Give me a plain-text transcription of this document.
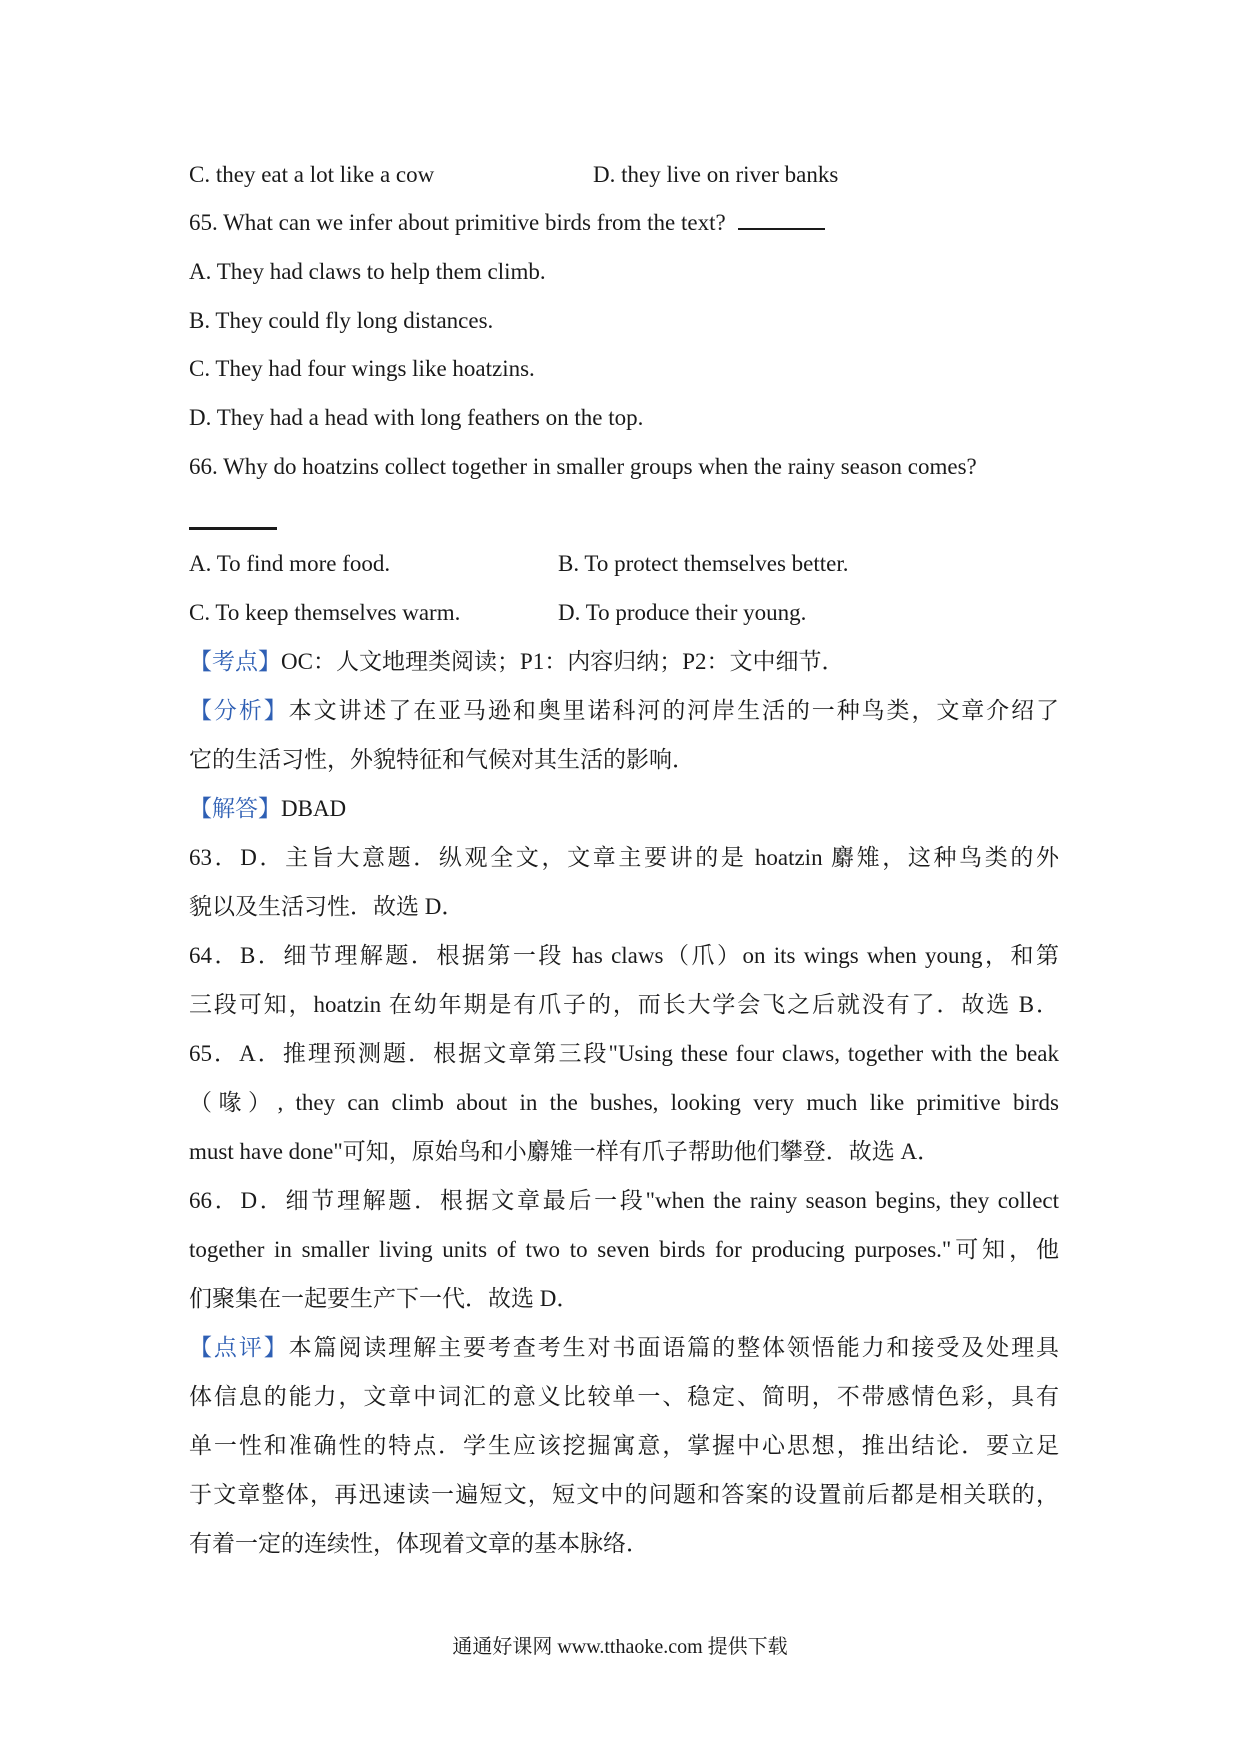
C. they eat a lot like a cow	D. they live on river banks
65. What can we infer about primitive birds from the text?
A. They had claws to help them climb.
B. They could fly long distances.
C. They had four wings like hoatzins.
D. They had a head with long feathers on the top.
66. Why do hoatzins collect together in smaller groups when the rainy season comes?
A. To find more food.	B. To protect themselves better.
C. To keep themselves warm.	D. To produce their young.
【考点】OC：人文地理类阅读；P1：内容归纳；P2：文中细节．
【分析】本文讲述了在亚马逊和奥里诺科河的河岸生活的一种鸟类，文章介绍了
它的生活习性，外貌特征和气候对其生活的影响．
【解答】DBAD
63．D．主旨大意题．纵观全文，文章主要讲的是 hoatzin 麝雉，这种鸟类的外
貌以及生活习性．故选 D．
64．B．细节理解题．根据第一段 has claws（爪）on its wings when young，和第
三段可知，hoatzin 在幼年期是有爪子的，而长大学会飞之后就没有了．故选 B．
65．A．推理预测题．根据文章第三段"Using these four claws, together with the beak
（喙）, they can climb about in the bushes, looking very much like primitive birds
must have done"可知，原始鸟和小麝雉一样有爪子帮助他们攀登．故选 A．
66．D．细节理解题．根据文章最后一段"when the rainy season begins, they collect
together in smaller living units of two to seven birds for producing purposes."可知，他
们聚集在一起要生产下一代．故选 D．
【点评】本篇阅读理解主要考查考生对书面语篇的整体领悟能力和接受及处理具
体信息的能力，文章中词汇的意义比较单一、稳定、简明，不带感情色彩，具有
单一性和准确性的特点．学生应该挖掘寓意，掌握中心思想，推出结论．要立足
于文章整体，再迅速读一遍短文，短文中的问题和答案的设置前后都是相关联的，
有着一定的连续性，体现着文章的基本脉络．
通通好课网 www.tthaoke.com 提供下载
